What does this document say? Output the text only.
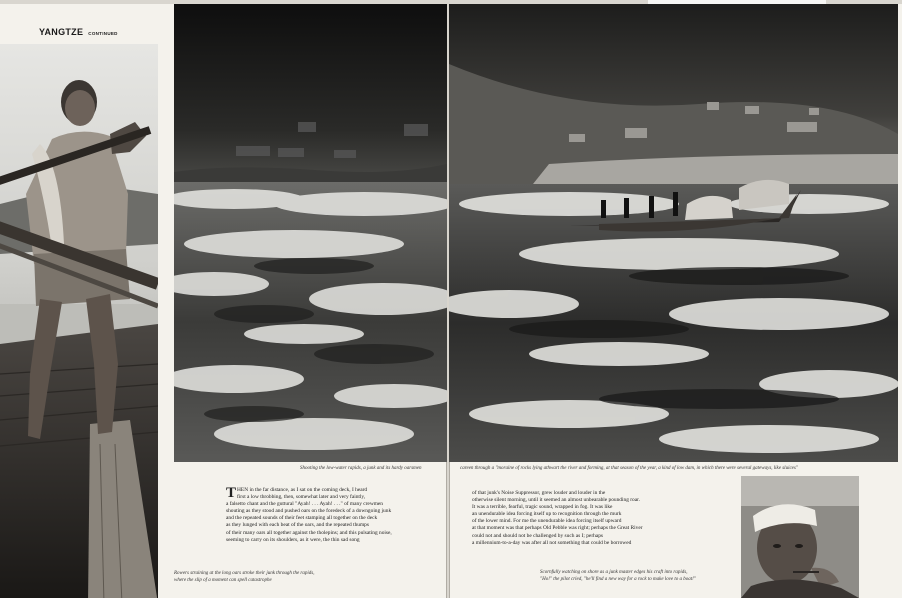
YANGTZE CONTINUED
Shooting the low-water rapids, a junk and its hardy oarsmen	careen through a "moraine of rocks lying athwart the river and forming, at that season of the year, a kind of low dam, in which there were several gateways, like sluices"
Rowers straining at the long oars stroke their junk through the rapids,
where the slip of a moment can spell catastrophe
Scornfully watching on shore as a junk master edges his craft into rapids,
"Ho!" the pilot cried, "he'll find a new way for a rock to make love to a boat!"
T HEN in the far distance, as I sat on the coming deck, I heard
first a low throbbing, then, somewhat later and very faintly,
a falsetto chant and the guttural "Ayah! . . . Ayah! . . ." of many crewmen
shouting as they stood and pushed oars on the foredeck of a downgoing junk
and the repeated sounds of their feet stamping all together on the deck
as they lunged with each beat of the oars, and the repeated thumps
of their many oars all together against the tholepins; and this pulsating noise,
seeming to carry on its shoulders, as it were, the thin sad song
of that junk's Noise Suppressor, grew louder and louder in the
otherwise silent morning, until it seemed an almost unbearable pounding roar.
It was a terrible, fearful, tragic sound, wrapped in fog. It was like
an unendurable idea forcing itself up to recognition through the murk
of the lower mind. For me the unendurable idea forcing itself upward
at that moment was that perhaps Old Pebble was right; perhaps the Great River
could not and should not be challenged by such as I; perhaps
a millennium-to-a-day was after all not something that could be borrowed
